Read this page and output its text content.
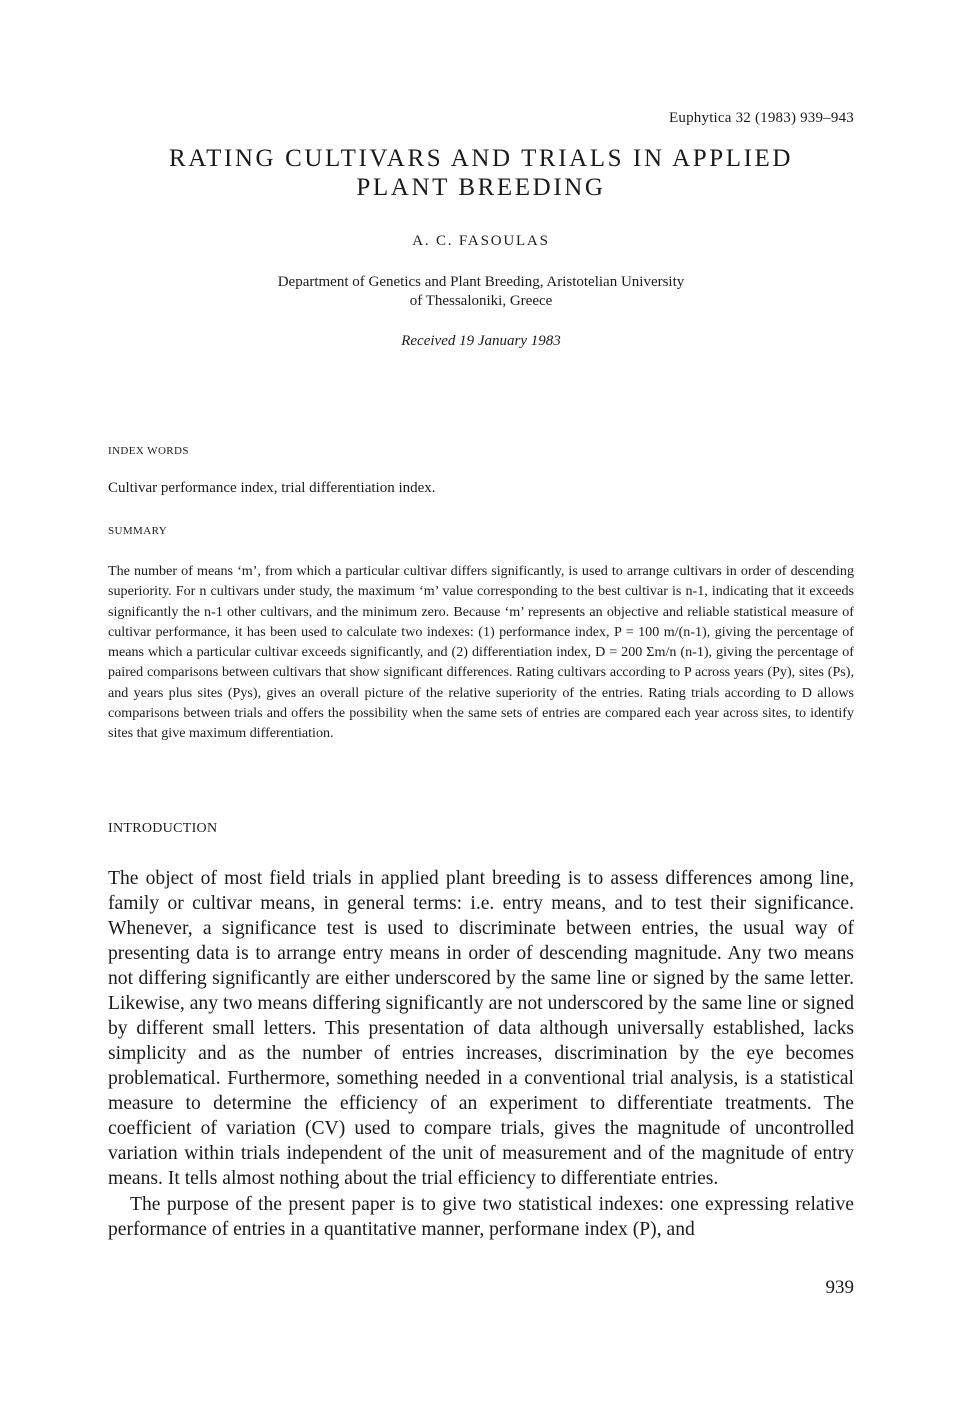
Euphytica 32 (1983) 939–943
RATING CULTIVARS AND TRIALS IN APPLIED
PLANT BREEDING
A. C. FASOULAS
Department of Genetics and Plant Breeding, Aristotelian University
of Thessaloniki, Greece
Received 19 January 1983
INDEX WORDS
Cultivar performance index, trial differentiation index.
SUMMARY
The number of means ‘m’, from which a particular cultivar differs significantly, is used to arrange cultivars in order of descending superiority. For n cultivars under study, the maximum ‘m’ value corresponding to the best cultivar is n-1, indicating that it exceeds significantly the n-1 other cultivars, and the minimum zero. Because ‘m’ represents an objective and reliable statistical measure of cultivar performance, it has been used to calculate two indexes: (1) performance index, P = 100 m/(n-1), giving the percentage of means which a particular cultivar exceeds significantly, and (2) differentiation index, D = 200 Σm/n (n-1), giving the percentage of paired comparisons between cultivars that show significant differences. Rating cultivars according to P across years (Py), sites (Ps), and years plus sites (Pys), gives an overall picture of the relative superiority of the entries. Rating trials according to D allows comparisons between trials and offers the possibility when the same sets of entries are compared each year across sites, to identify sites that give maximum differentiation.
INTRODUCTION

The object of most field trials in applied plant breeding is to assess differences among line, family or cultivar means, in general terms: i.e. entry means, and to test their significance. Whenever, a significance test is used to discriminate between entries, the usual way of presenting data is to arrange entry means in order of descending magnitude. Any two means not differing significantly are either underscored by the same line or signed by the same letter. Likewise, any two means differing significantly are not underscored by the same line or signed by different small letters. This presentation of data although universally established, lacks simplicity and as the number of entries increases, discrimination by the eye becomes problematical. Furthermore, something needed in a conventional trial analysis, is a statistical measure to determine the efficiency of an experiment to differentiate treatments. The coefficient of variation (CV) used to compare trials, gives the magnitude of uncontrolled variation within trials independent of the unit of measurement and of the magnitude of entry means. It tells almost nothing about the trial efficiency to differentiate entries.

The purpose of the present paper is to give two statistical indexes: one expressing relative performance of entries in a quantitative manner, performane index (P), and

939
